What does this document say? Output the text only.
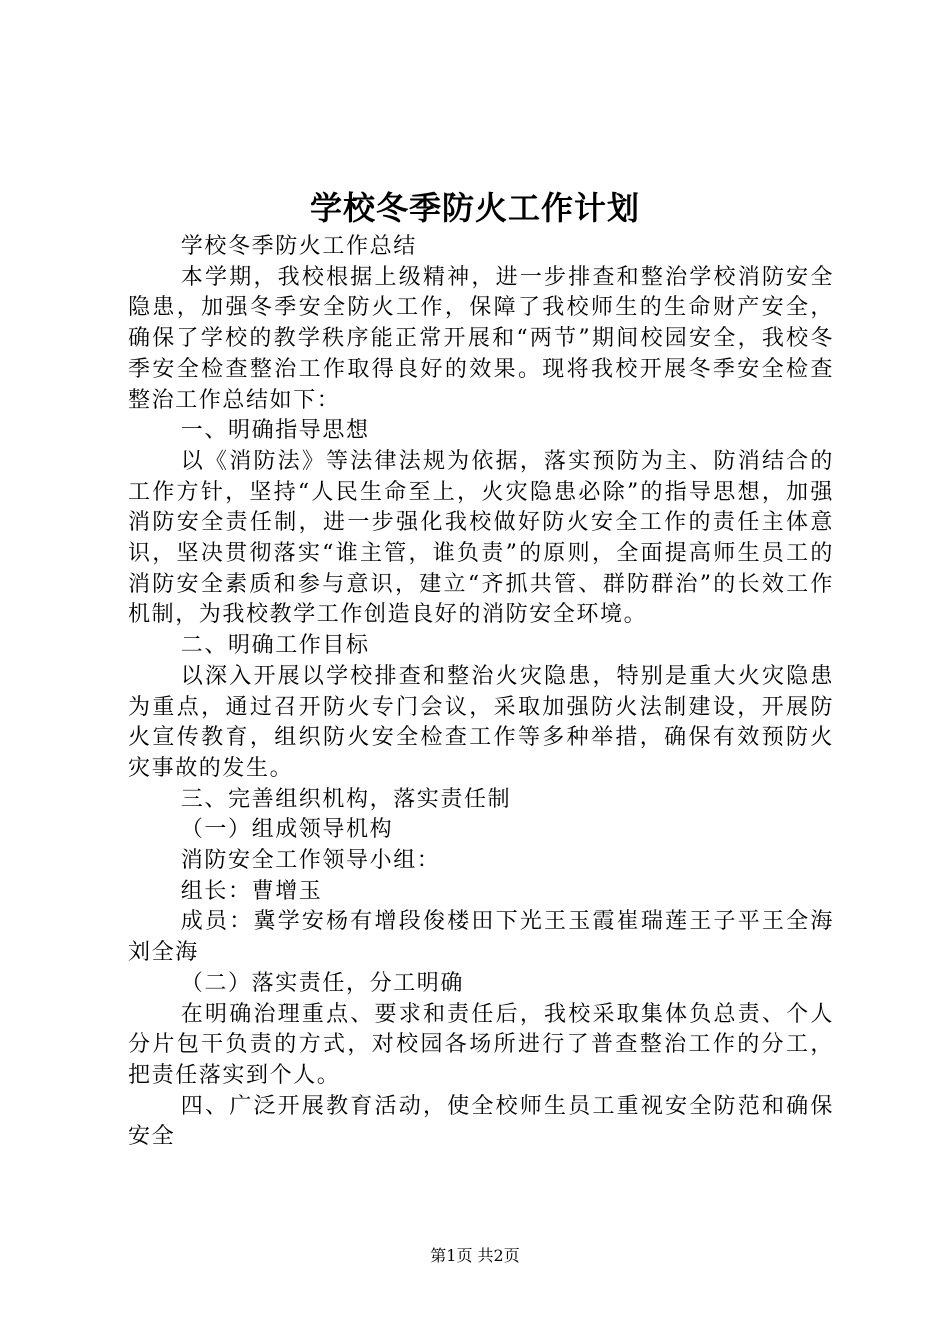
学校冬季防火工作计划

学校冬季防火工作总结

本学期，我校根据上级精神，进一步排查和整治学校消防安全隐患，加强冬季安全防火工作，保障了我校师生的生命财产安全，确保了学校的教学秩序能正常开展和“两节”期间校园安全，我校冬季安全检查整治工作取得良好的效果。现将我校开展冬季安全检查整治工作总结如下：

一、明确指导思想

以《消防法》等法律法规为依据，落实预防为主、防消结合的工作方针，坚持“人民生命至上，火灾隐患必除”的指导思想，加强消防安全责任制，进一步强化我校做好防火安全工作的责任主体意识，坚决贯彻落实“谁主管，谁负责”的原则，全面提高师生员工的消防安全素质和参与意识，建立“齐抓共管、群防群治”的长效工作机制，为我校教学工作创造良好的消防安全环境。

二、明确工作目标

以深入开展以学校排查和整治火灾隐患，特别是重大火灾隐患为重点，通过召开防火专门会议，采取加强防火法制建设，开展防火宣传教育，组织防火安全检查工作等多种举措，确保有效预防火灾事故的发生。

三、完善组织机构，落实责任制

（一）组成领导机构

消防安全工作领导小组：

组长：曹增玉

成员：冀学安杨有增段俊楼田下光王玉霞崔瑞莲王子平王全海刘全海

（二）落实责任，分工明确

在明确治理重点、要求和责任后，我校采取集体负总责、个人分片包干负责的方式，对校园各场所进行了普查整治工作的分工，把责任落实到个人。

四、广泛开展教育活动，使全校师生员工重视安全防范和确保安全

第1页 共2页
